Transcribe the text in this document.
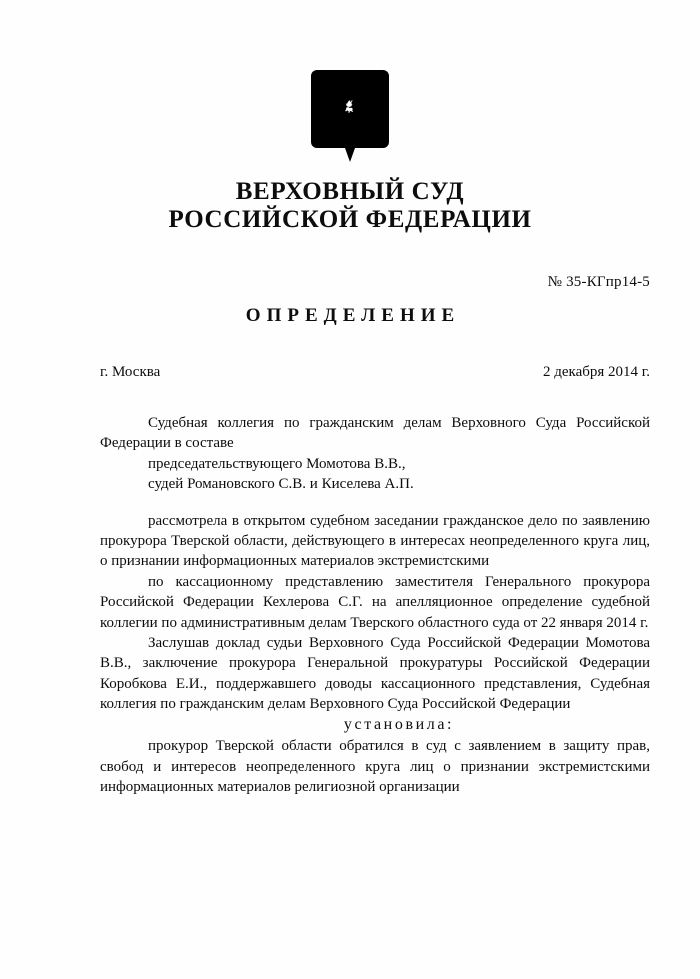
ВЕРХОВНЫЙ СУД
РОССИЙСКОЙ ФЕДЕРАЦИИ
№ 35-КГпр14-5
ОПРЕДЕЛЕНИЕ
г. Москва	2 декабря 2014 г.

Судебная коллегия по гражданским делам Верховного Суда Российской Федерации в составе

председательствующего Момотова В.В.,
судей Романовского С.В. и Киселева А.П.

рассмотрела в открытом судебном заседании гражданское дело по заявлению прокурора Тверской области, действующего в интересах неопределенного круга лиц, о признании информационных материалов экстремистскими

по кассационному представлению заместителя Генерального прокурора Российской Федерации Кехлерова С.Г. на апелляционное определение судебной коллегии по административным делам Тверского областного суда от 22 января 2014 г.

Заслушав доклад судьи Верховного Суда Российской Федерации Момотова В.В., заключение прокурора Генеральной прокуратуры Российской Федерации Коробкова Е.И., поддержавшего доводы кассационного представления, Судебная коллегия по гражданским делам Верховного Суда Российской Федерации

установила:

прокурор Тверской области обратился в суд с заявлением в защиту прав, свобод и интересов неопределенного круга лиц о признании экстремистскими информационных материалов религиозной организации
